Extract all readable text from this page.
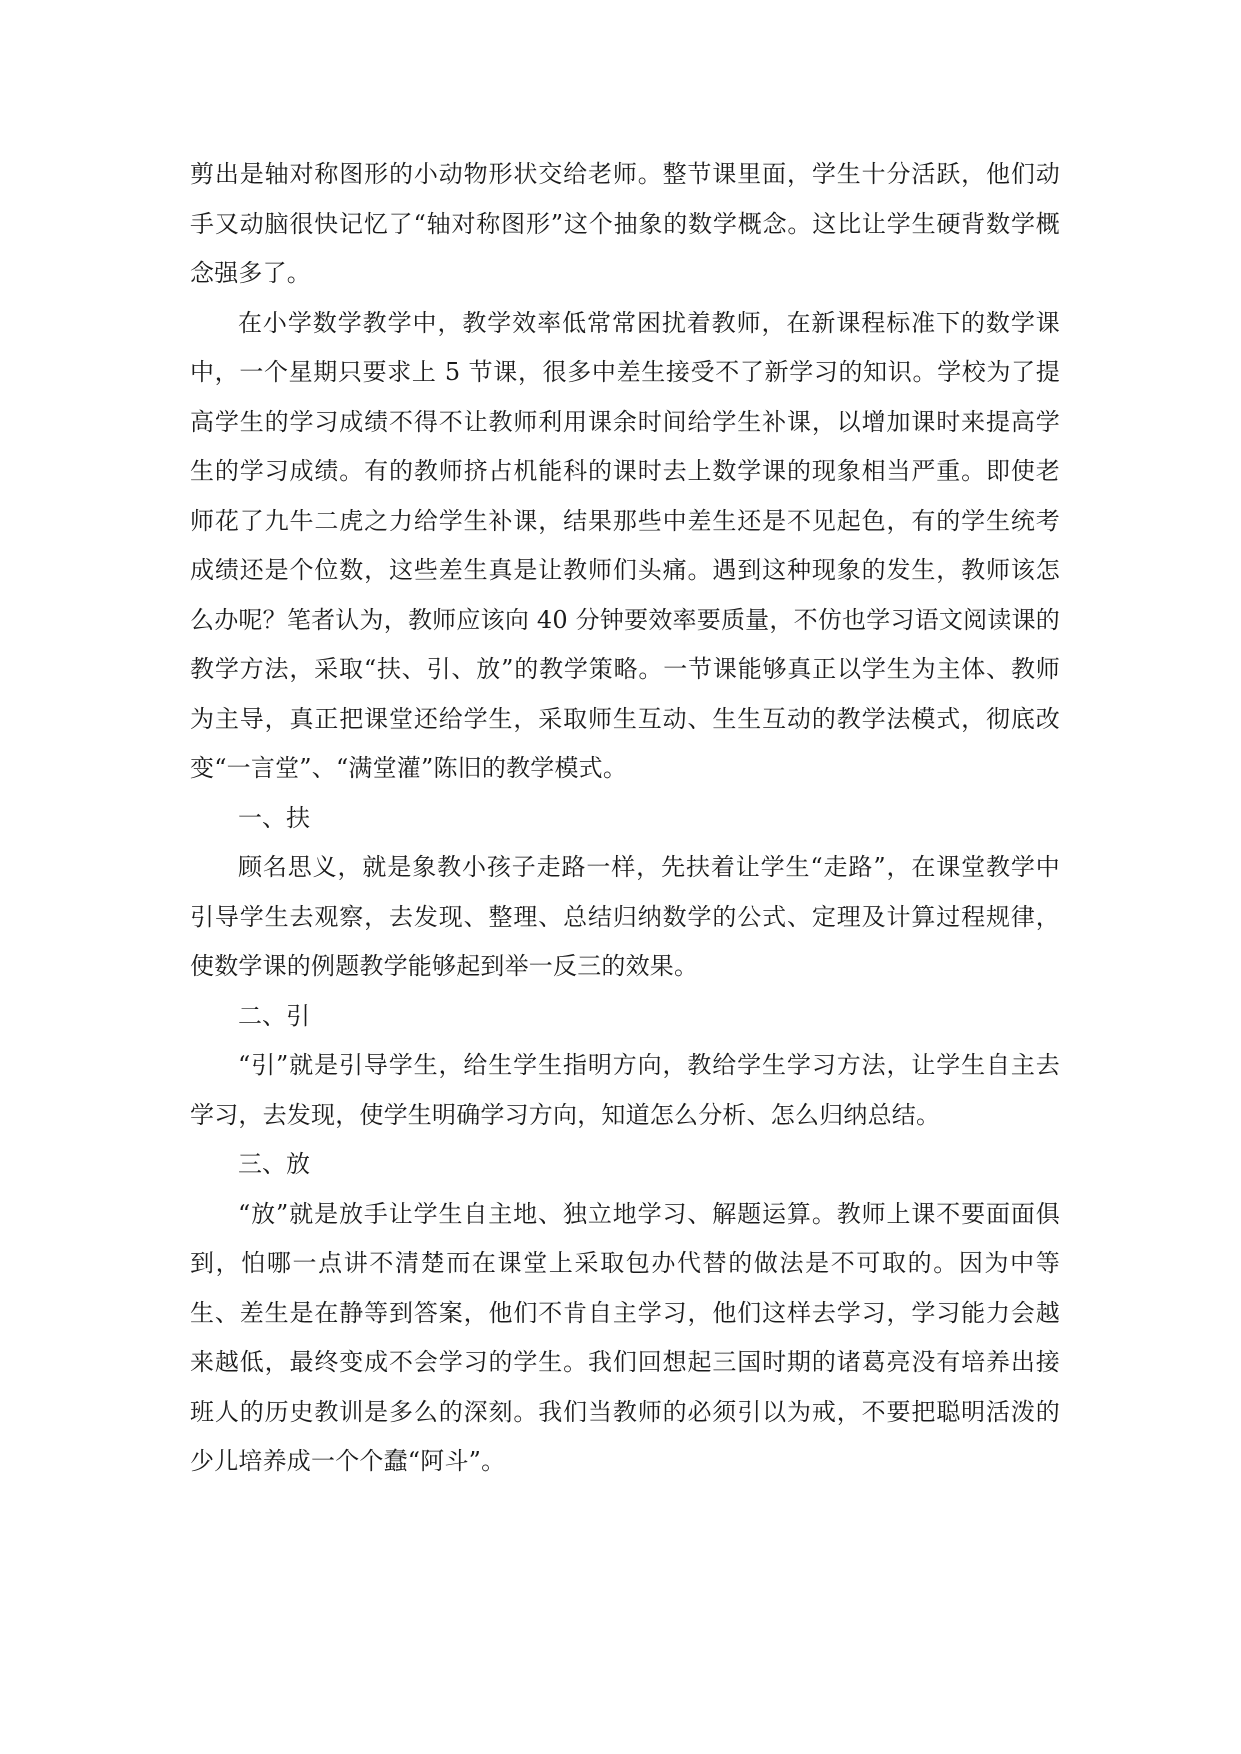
剪出是轴对称图形的小动物形状交给老师。整节课里面，学生十分活跃，他们动手又动脑很快记忆了“轴对称图形”这个抽象的数学概念。这比让学生硬背数学概念强多了。

在小学数学教学中，教学效率低常常困扰着教师，在新课程标准下的数学课中，一个星期只要求上 5 节课，很多中差生接受不了新学习的知识。学校为了提高学生的学习成绩不得不让教师利用课余时间给学生补课，以增加课时来提高学生的学习成绩。有的教师挤占机能科的课时去上数学课的现象相当严重。即使老师花了九牛二虎之力给学生补课，结果那些中差生还是不见起色，有的学生统考成绩还是个位数，这些差生真是让教师们头痛。遇到这种现象的发生，教师该怎么办呢？笔者认为，教师应该向 40 分钟要效率要质量，不仿也学习语文阅读课的教学方法，采取“扶、引、放”的教学策略。一节课能够真正以学生为主体、教师为主导，真正把课堂还给学生，采取师生互动、生生互动的教学法模式，彻底改变“一言堂”、“满堂灌”陈旧的教学模式。

一、扶

顾名思义，就是象教小孩子走路一样，先扶着让学生“走路”，在课堂教学中引导学生去观察，去发现、整理、总结归纳数学的公式、定理及计算过程规律，使数学课的例题教学能够起到举一反三的效果。

二、引

“引”就是引导学生，给生学生指明方向，教给学生学习方法，让学生自主去学习，去发现，使学生明确学习方向，知道怎么分析、怎么归纳总结。

三、放

“放”就是放手让学生自主地、独立地学习、解题运算。教师上课不要面面俱到，怕哪一点讲不清楚而在课堂上采取包办代替的做法是不可取的。因为中等生、差生是在静等到答案，他们不肯自主学习，他们这样去学习，学习能力会越来越低，最终变成不会学习的学生。我们回想起三国时期的诸葛亮没有培养出接班人的历史教训是多么的深刻。我们当教师的必须引以为戒，不要把聪明活泼的少儿培养成一个个蠢“阿斗”。
